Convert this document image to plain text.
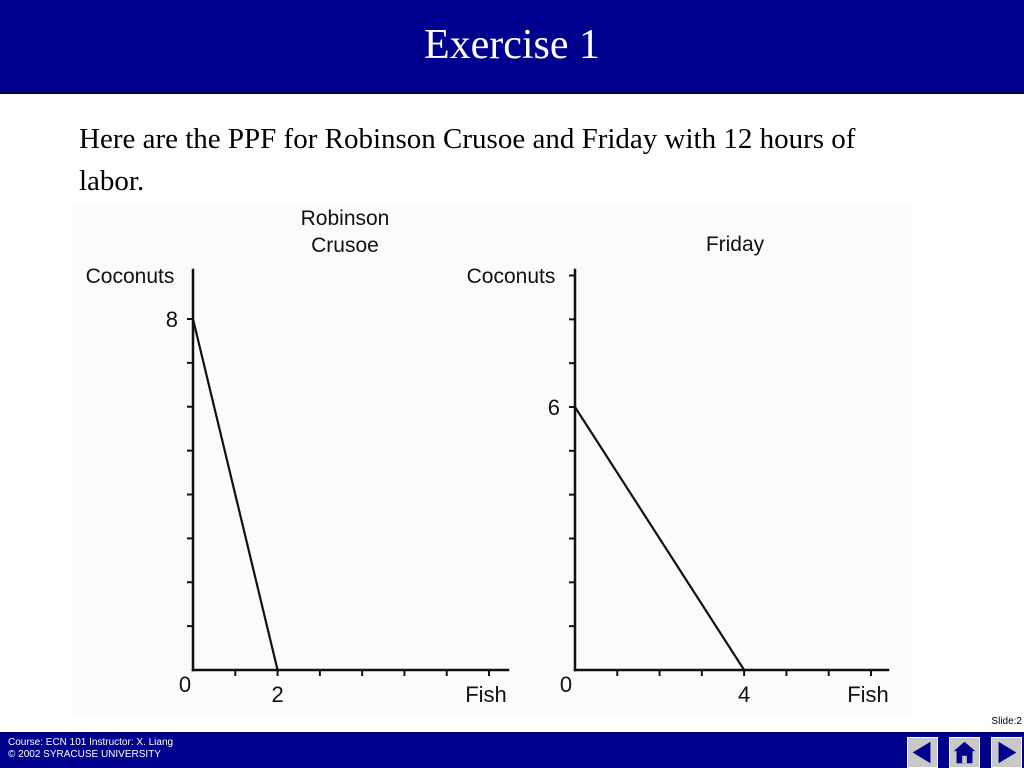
Exercise 1
Here are the PPF for Robinson Crusoe and Friday with 12 hours of labor.
Robinson
Crusoe
Coconuts
Fish
0	2
8
Friday
Coconuts
Fish
0	4
6
Slide:2
Course: ECN 101 Instructor: X. Liang
© 2002 SYRACUSE UNIVERSITY
